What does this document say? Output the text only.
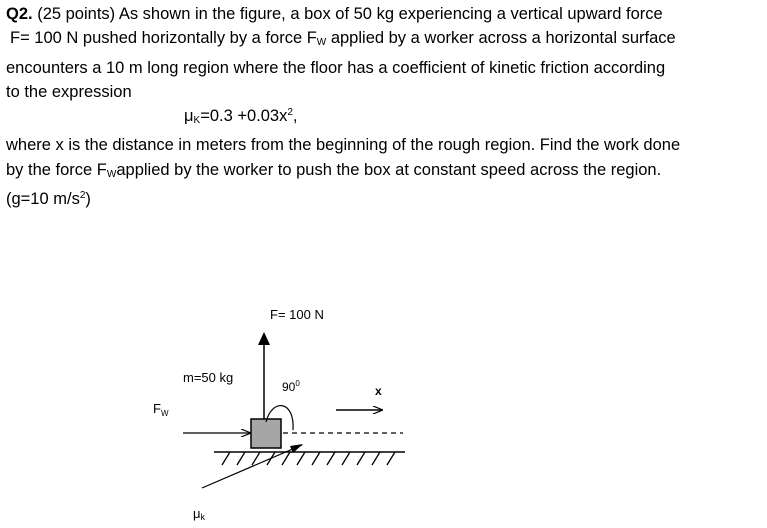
Q2. (25 points) As shown in the figure, a box of 50 kg experiencing a vertical upward force

F= 100 N pushed horizontally by a force $F_W$ applied by a worker across a horizontal surface

encounters a 10 m long region where the floor has a coefficient of kinetic friction according

to the expression

$\mu_K=0.3 +0.03x^2$,

where x is the distance in meters from the beginning of the rough region. Find the work done

by the force $F_Wapplied$ by the worker to push the box at constant speed across the region.

(g=10 $m/s^2$)

F= 100 N
m=50 kg
$90^0$
x
$F_W$
μk
